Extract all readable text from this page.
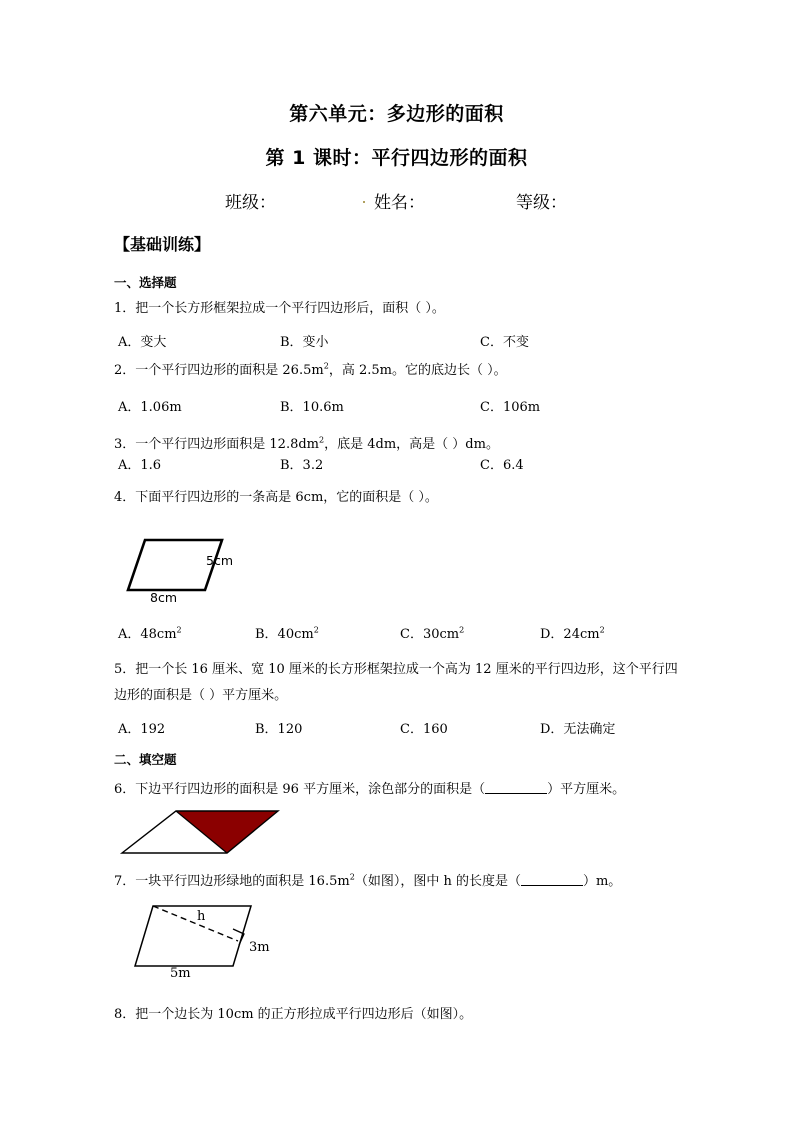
第六单元：多边形的面积
第 1 课时：平行四边形的面积
班级：	姓名：	等级：
【基础训练】
一、选择题
1．把一个长方形框架拉成一个平行四边形后，面积（ ）。
A．变大	B．变小	C．不变
2．一个平行四边形的面积是 $26.5m^2$，高 2.5m。它的底边长（ ）。
A．1.06m	B．10.6m	C．106m
3．一个平行四边形面积是 $12.8dm^2$，底是 4dm，高是（ ）dm。
A．1.6	B．3.2	C．6.4
4．下面平行四边形的一条高是 6cm，它的面积是（ ）。
5cm
8cm
A．$48cm^2$	B．$40cm^2$	C．$30cm^2$	D．$24cm^2$
5．把一个长 16 厘米、宽 10 厘米的长方形框架拉成一个高为 12 厘米的平行四边形，这个平行四边形的面积是（ ）平方厘米。
A．192	B．120	C．160	D．无法确定
二、填空题
6．下边平行四边形的面积是 96 平方厘米，涂色部分的面积是（	）平方厘米。
7．一块平行四边形绿地的面积是 $16.5m^2$（如图），图中 h 的长度是（	）m。
h
3m
5m
8．把一个边长为 10cm 的正方形拉成平行四边形后（如图）。
